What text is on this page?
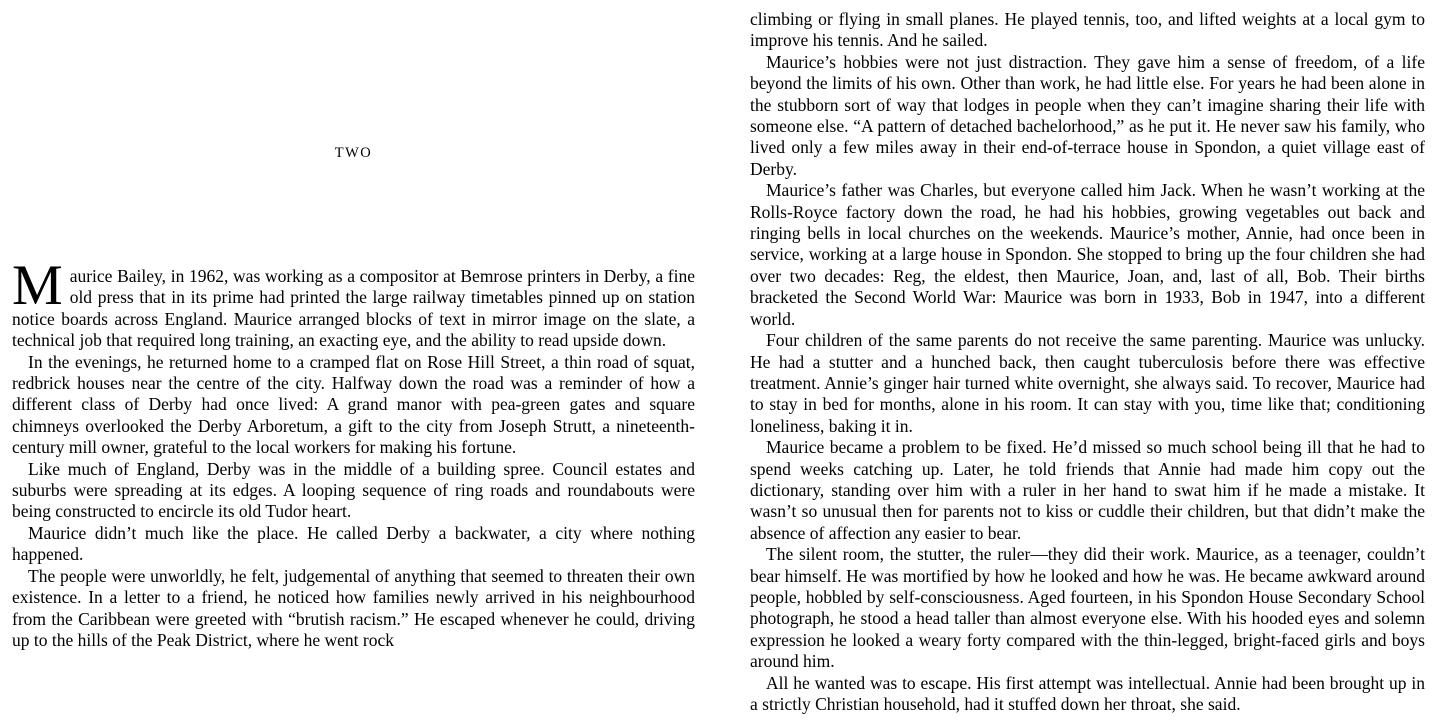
TWO

Maurice Bailey, in 1962, was working as a compositor at Bemrose printers in Derby, a fine old press that in its prime had printed the large railway timetables pinned up on station notice boards across England. Maurice arranged blocks of text in mirror image on the slate, a technical job that required long training, an exacting eye, and the ability to read upside down.

In the evenings, he returned home to a cramped flat on Rose Hill Street, a thin road of squat, redbrick houses near the centre of the city. Halfway down the road was a reminder of how a different class of Derby had once lived: A grand manor with pea-green gates and square chimneys overlooked the Derby Arboretum, a gift to the city from Joseph Strutt, a nineteenth-century mill owner, grateful to the local workers for making his fortune.

Like much of England, Derby was in the middle of a building spree. Council estates and suburbs were spreading at its edges. A looping sequence of ring roads and roundabouts were being constructed to encircle its old Tudor heart.

Maurice didn’t much like the place. He called Derby a backwater, a city where nothing happened.

The people were unworldly, he felt, judgemental of anything that seemed to threaten their own existence. In a letter to a friend, he noticed how families newly arrived in his neighbourhood from the Caribbean were greeted with “brutish racism.” He escaped whenever he could, driving up to the hills of the Peak District, where he went rock

climbing or flying in small planes. He played tennis, too, and lifted weights at a local gym to improve his tennis. And he sailed.

Maurice’s hobbies were not just distraction. They gave him a sense of freedom, of a life beyond the limits of his own. Other than work, he had little else. For years he had been alone in the stubborn sort of way that lodges in people when they can’t imagine sharing their life with someone else. “A pattern of detached bachelorhood,” as he put it. He never saw his family, who lived only a few miles away in their end-of-terrace house in Spondon, a quiet village east of Derby.

Maurice’s father was Charles, but everyone called him Jack. When he wasn’t working at the Rolls-Royce factory down the road, he had his hobbies, growing vegetables out back and ringing bells in local churches on the weekends. Maurice’s mother, Annie, had once been in service, working at a large house in Spondon. She stopped to bring up the four children she had over two decades: Reg, the eldest, then Maurice, Joan, and, last of all, Bob. Their births bracketed the Second World War: Maurice was born in 1933, Bob in 1947, into a different world.

Four children of the same parents do not receive the same parenting. Maurice was unlucky. He had a stutter and a hunched back, then caught tuberculosis before there was effective treatment. Annie’s ginger hair turned white overnight, she always said. To recover, Maurice had to stay in bed for months, alone in his room. It can stay with you, time like that; conditioning loneliness, baking it in.

Maurice became a problem to be fixed. He’d missed so much school being ill that he had to spend weeks catching up. Later, he told friends that Annie had made him copy out the dictionary, standing over him with a ruler in her hand to swat him if he made a mistake. It wasn’t so unusual then for parents not to kiss or cuddle their children, but that didn’t make the absence of affection any easier to bear.

The silent room, the stutter, the ruler—they did their work. Maurice, as a teenager, couldn’t bear himself. He was mortified by how he looked and how he was. He became awkward around people, hobbled by self-consciousness. Aged fourteen, in his Spondon House Secondary School photograph, he stood a head taller than almost everyone else. With his hooded eyes and solemn expression he looked a weary forty compared with the thin-legged, bright-faced girls and boys around him.

All he wanted was to escape. His first attempt was intellectual. Annie had been brought up in a strictly Christian household, had it stuffed down her throat, she said.
